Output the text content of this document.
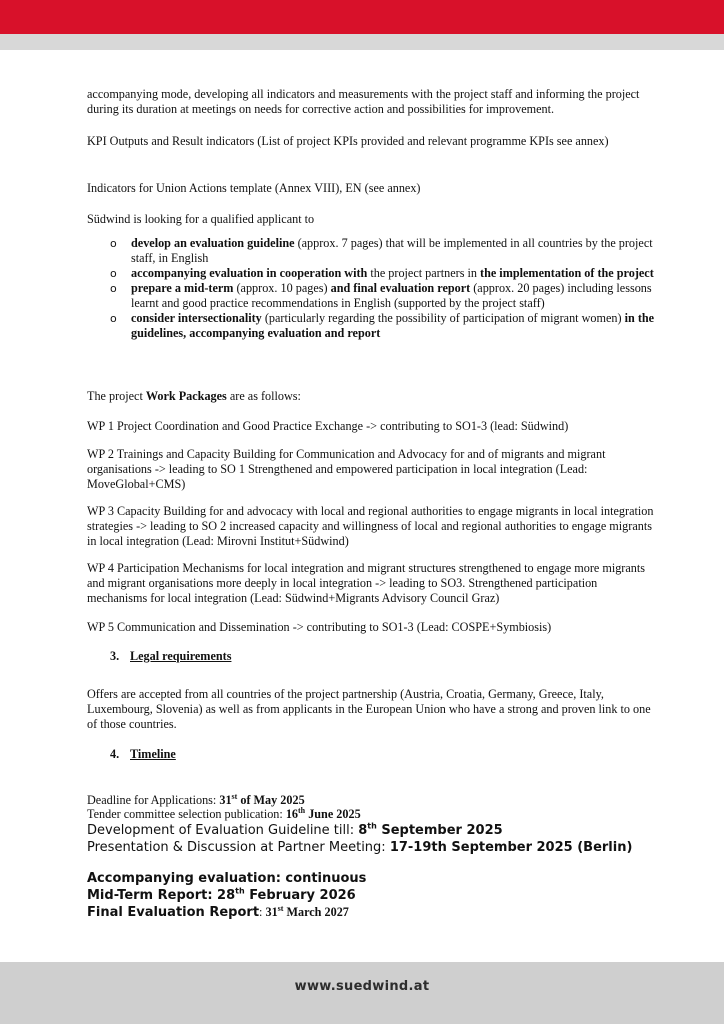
accompanying mode, developing all indicators and measurements with the project staff and informing the project during its duration at meetings on needs for corrective action and possibilities for improvement.

KPI Outputs and Result indicators (List of project KPIs provided and relevant programme KPIs see annex)

Indicators for Union Actions template (Annex VIII), EN (see annex)

Südwind is looking for a qualified applicant to

o develop an evaluation guideline (approx. 7 pages) that will be implemented in all countries by the project staff, in English
o accompanying evaluation in cooperation with the project partners in the implementation of the project
o prepare a mid-term (approx. 10 pages) and final evaluation report (approx. 20 pages) including lessons learnt and good practice recommendations in English (supported by the project staff)
o consider intersectionality (particularly regarding the possibility of participation of migrant women) in the guidelines, accompanying evaluation and report

The project Work Packages are as follows:

WP 1 Project Coordination and Good Practice Exchange -> contributing to SO1-3 (lead: Südwind)

WP 2 Trainings and Capacity Building for Communication and Advocacy for and of migrants and migrant organisations -> leading to SO 1 Strengthened and empowered participation in local integration (Lead: MoveGlobal+CMS)

WP 3 Capacity Building for and advocacy with local and regional authorities to engage migrants in local integration strategies -> leading to SO 2 increased capacity and willingness of local and regional authorities to engage migrants in local integration (Lead: Mirovni Institut+Südwind)

WP 4 Participation Mechanisms for local integration and migrant structures strengthened to engage more migrants and migrant organisations more deeply in local integration -> leading to SO3. Strengthened participation mechanisms for local integration (Lead: Südwind+Migrants Advisory Council Graz)

WP 5 Communication and Dissemination -> contributing to SO1-3 (Lead: COSPE+Symbiosis)

3. Legal requirements

Offers are accepted from all countries of the project partnership (Austria, Croatia, Germany, Greece, Italy, Luxembourg, Slovenia) as well as from applicants in the European Union who have a strong and proven link to one of those countries.

4. Timeline
Deadline for Applications: 31st of May 2025
Tender committee selection publication: 16th June 2025
Development of Evaluation Guideline till: 8th September 2025
Presentation & Discussion at Partner Meeting: 17-19th September 2025 (Berlin)
Accompanying evaluation: continuous
Mid-Term Report: 28th February 2026
Final Evaluation Report: 31st March 2027
www.suedwind.at
